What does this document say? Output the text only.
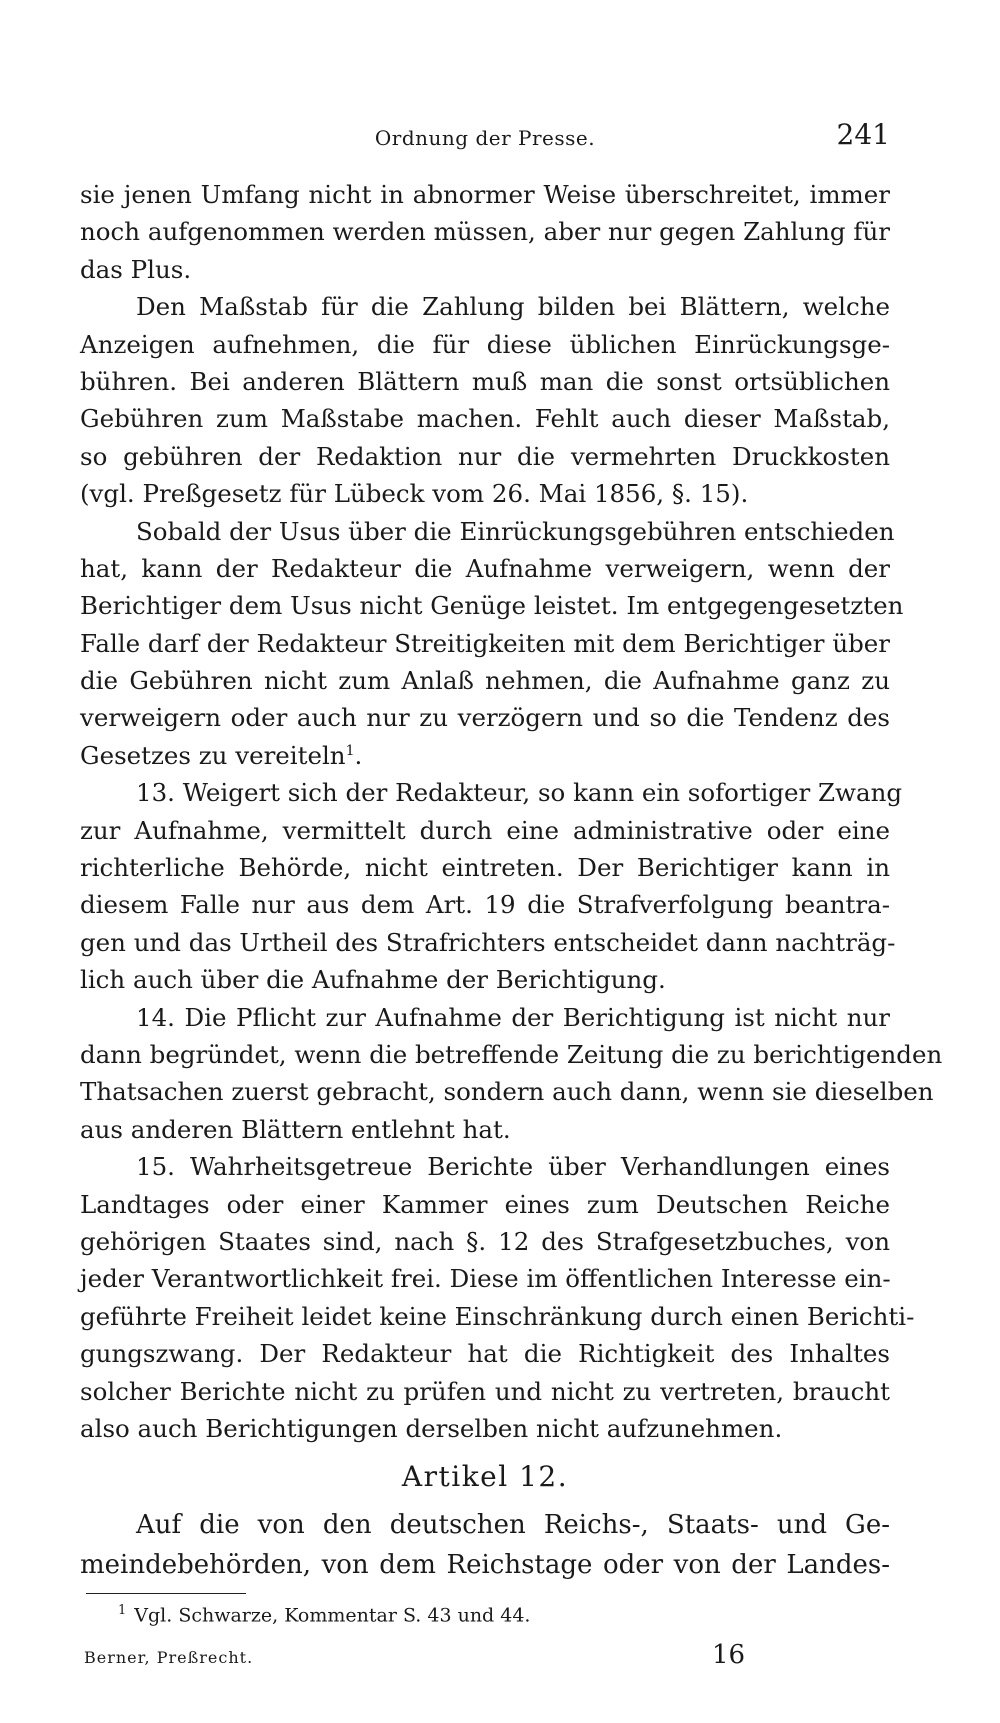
Ordnung der Presse.	241
sie jenen Umfang nicht in abnormer Weise überschreitet, immer
noch aufgenommen werden müssen, aber nur gegen Zahlung für
das Plus.
Den Maßstab für die Zahlung bilden bei Blättern, welche
Anzeigen aufnehmen, die für diese üblichen Einrückungsge-
bühren. Bei anderen Blättern muß man die sonst ortsüblichen
Gebühren zum Maßstabe machen. Fehlt auch dieser Maßstab,
so gebühren der Redaktion nur die vermehrten Druckkosten
(vgl. Preßgesetz für Lübeck vom 26. Mai 1856, §. 15).
Sobald der Usus über die Einrückungsgebühren entschieden
hat, kann der Redakteur die Aufnahme verweigern, wenn der
Berichtiger dem Usus nicht Genüge leistet. Im entgegengesetzten
Falle darf der Redakteur Streitigkeiten mit dem Berichtiger über
die Gebühren nicht zum Anlaß nehmen, die Aufnahme ganz zu
verweigern oder auch nur zu verzögern und so die Tendenz des
Gesetzes zu vereiteln$^1$.
13. Weigert sich der Redakteur, so kann ein sofortiger Zwang
zur Aufnahme, vermittelt durch eine administrative oder eine
richterliche Behörde, nicht eintreten. Der Berichtiger kann in
diesem Falle nur aus dem Art. 19 die Strafverfolgung beantra-
gen und das Urtheil des Strafrichters entscheidet dann nachträg-
lich auch über die Aufnahme der Berichtigung.
14. Die Pflicht zur Aufnahme der Berichtigung ist nicht nur
dann begründet, wenn die betreffende Zeitung die zu berichtigenden
Thatsachen zuerst gebracht, sondern auch dann, wenn sie dieselben
aus anderen Blättern entlehnt hat.
15. Wahrheitsgetreue Berichte über Verhandlungen eines
Landtages oder einer Kammer eines zum Deutschen Reiche
gehörigen Staates sind, nach §. 12 des Strafgesetzbuches, von
jeder Verantwortlichkeit frei. Diese im öffentlichen Interesse ein-
geführte Freiheit leidet keine Einschränkung durch einen Berichti-
gungszwang. Der Redakteur hat die Richtigkeit des Inhaltes
solcher Berichte nicht zu prüfen und nicht zu vertreten, braucht
also auch Berichtigungen derselben nicht aufzunehmen.
Artikel 12.
Auf die von den deutschen Reichs-, Staats- und Ge-
meindebehörden, von dem Reichstage oder von der Landes-
$^1$ Vgl. Schwarze, Kommentar S. 43 und 44.
Berner, Preßrecht.	16
